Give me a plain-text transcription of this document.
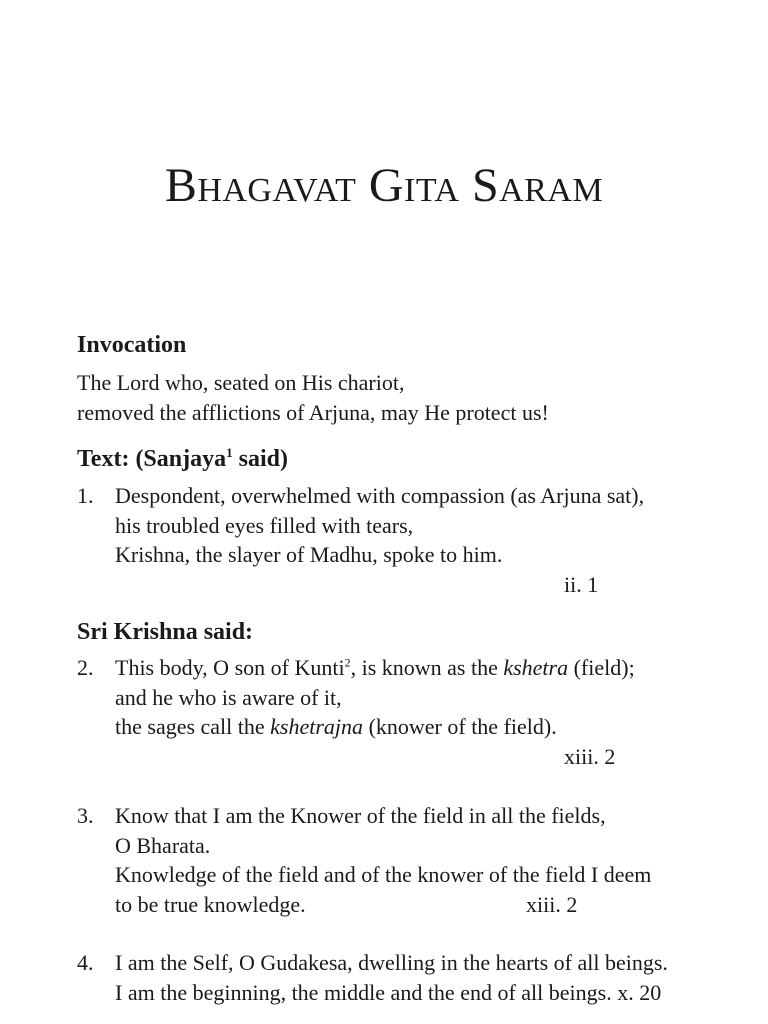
Bhagavat Gita Saram
Invocation
The Lord who, seated on His chariot,
removed the afflictions of Arjuna, may He protect us!
Text: (Sanjaya$^1$ said)
1. Despondent, overwhelmed with compassion (as Arjuna sat),
his troubled eyes filled with tears,
Krishna, the slayer of Madhu, spoke to him.
ii. 1
Sri Krishna said:
2. This body, O son of Kunti$^2$, is known as the kshetra (field);
and he who is aware of it,
the sages call the kshetrajna (knower of the field).
xiii. 2
3. Know that I am the Knower of the field in all the fields,
O Bharata.
Knowledge of the field and of the knower of the field I deem
to be true knowledge.	xiii. 2
4. I am the Self, O Gudakesa, dwelling in the hearts of all beings.
I am the beginning, the middle and the end of all beings. x. 20
